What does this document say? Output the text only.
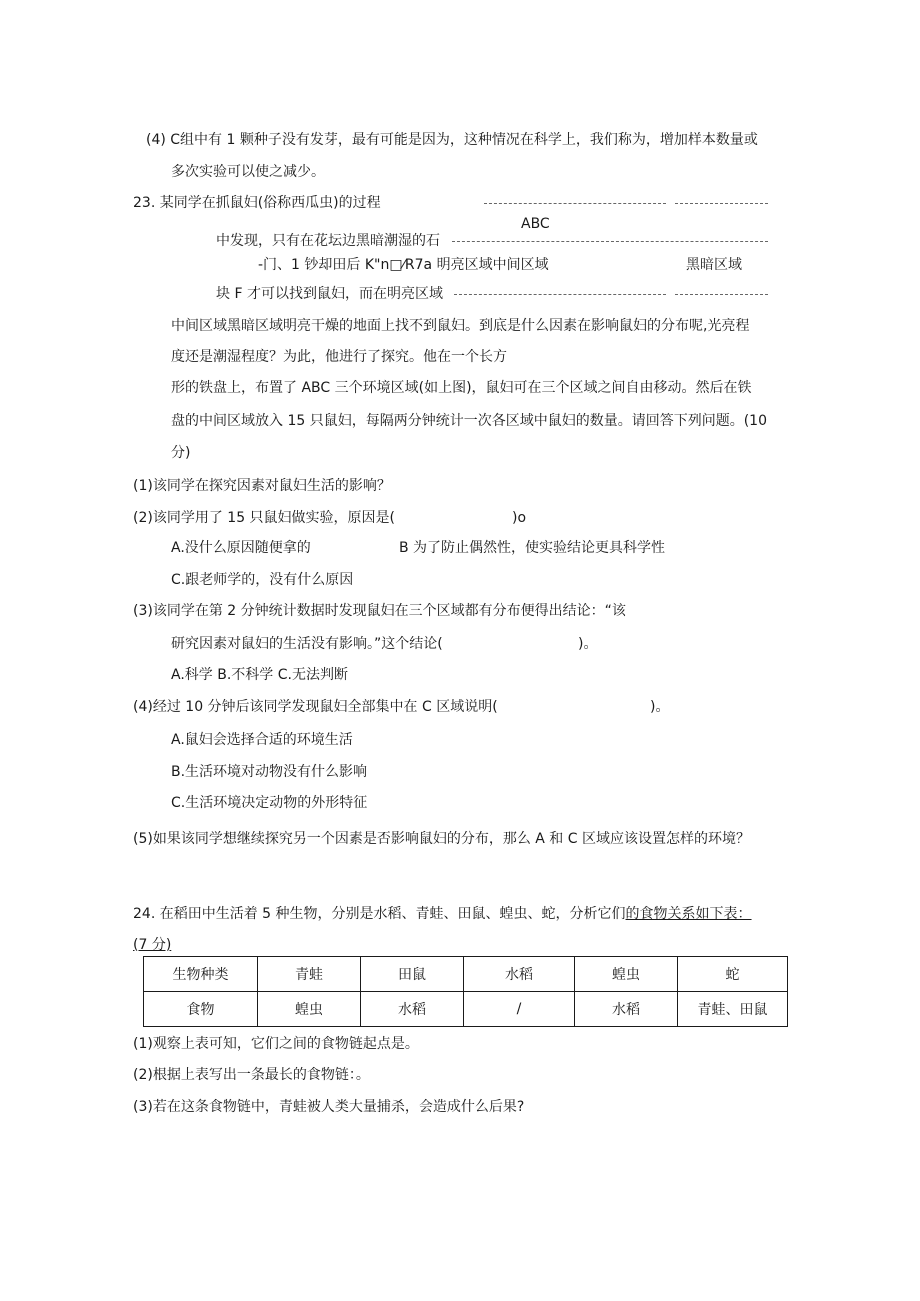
(4) C组中有 1 颗种子没有发芽，最有可能是因为，这种情况在科学上，我们称为，增加样本数量或
多次实验可以使之减少。
23. 某同学在抓鼠妇(俗称西瓜虫)的过程
ABC
中发现，只有在花坛边黑暗潮湿的石
-门、1 钞却田后 K"n□⁄R7a 明亮区域中间区域	黑暗区域
块 F 才可以找到鼠妇，而在明亮区域
中间区域黑暗区域明亮干燥的地面上找不到鼠妇。到底是什么因素在影响鼠妇的分布呢,光亮程
度还是潮湿程度？为此，他进行了探究。他在一个长方
形的铁盘上，布置了 ABC 三个环境区域(如上图)，鼠妇可在三个区域之间自由移动。然后在铁
盘的中间区域放入 15 只鼠妇，每隔两分钟统计一次各区域中鼠妇的数量。请回答下列问题。(10
分)
(1)该同学在探究因素对鼠妇生活的影响？
(2)该同学用了 15 只鼠妇做实验，原因是(	)o
A.没什么原因随便拿的	B 为了防止偶然性，使实验结论更具科学性
C.跟老师学的，没有什么原因
(3)该同学在第 2 分钟统计数据时发现鼠妇在三个区域都有分布便得出结论：“该
研究因素对鼠妇的生活没有影响。”这个结论(	)。
A.科学 B.不科学 C.无法判断
(4)经过 10 分钟后该同学发现鼠妇全部集中在 C 区域说明(	)。
A.鼠妇会选择合适的环境生活
B.生活环境对动物没有什么影响
C.生活环境决定动物的外形特征
(5)如果该同学想继续探究另一个因素是否影响鼠妇的分布，那么 A 和 C 区域应该设置怎样的环境？
24. 在稻田中生活着 5 种生物，分别是水稻、青蛙、田鼠、蝗虫、蛇，分析它们的食物关系如下表：
(7 分)
生物种类	青蛙	田鼠	水稻	蝗虫	蛇
食物	蝗虫	水稻	/	水稻	青蛙、田鼠
(1)观察上表可知，它们之间的食物链起点是。
(2)根据上表写出一条最长的食物链：。
(3)若在这条食物链中，青蛙被人类大量捕杀，会造成什么后果?
